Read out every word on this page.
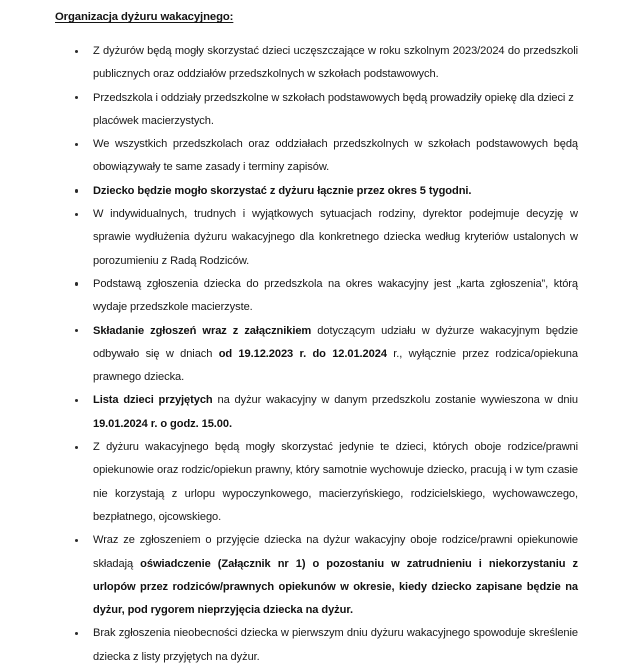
Organizacja dyżuru wakacyjnego:
Z dyżurów będą mogły skorzystać dzieci uczęszczające w roku szkolnym 2023/2024 do przedszkoli publicznych oraz oddziałów przedszkolnych w szkołach podstawowych.
Przedszkola i oddziały przedszkolne w szkołach podstawowych będą prowadziły opiekę dla dzieci z placówek macierzystych.
We wszystkich przedszkolach oraz oddziałach przedszkolnych w szkołach podstawowych będą obowiązywały te same zasady i terminy zapisów.
Dziecko będzie mogło skorzystać z dyżuru łącznie przez okres 5 tygodni.
W indywidualnych, trudnych i wyjątkowych sytuacjach rodziny, dyrektor podejmuje decyzję w sprawie wydłużenia dyżuru wakacyjnego dla konkretnego dziecka według kryteriów ustalonych w porozumieniu z Radą Rodziców.
Podstawą zgłoszenia dziecka do przedszkola na okres wakacyjny jest „karta zgłoszenia”, którą wydaje przedszkole macierzyste.
Składanie zgłoszeń wraz z załącznikiem dotyczącym udziału w dyżurze wakacyjnym będzie odbywało się w dniach od 19.12.2023 r. do 12.01.2024 r., wyłącznie przez rodzica/opiekuna prawnego dziecka.
Lista dzieci przyjętych na dyżur wakacyjny w danym przedszkolu zostanie wywieszona w dniu 19.01.2024 r. o godz. 15.00.
Z dyżuru wakacyjnego będą mogły skorzystać jedynie te dzieci, których oboje rodzice/prawni opiekunowie oraz rodzic/opiekun prawny, który samotnie wychowuje dziecko, pracują i w tym czasie nie korzystają z urlopu wypoczynkowego, macierzyńskiego, rodzicielskiego, wychowawczego, bezpłatnego, ojcowskiego.
Wraz ze zgłoszeniem o przyjęcie dziecka na dyżur wakacyjny oboje rodzice/prawni opiekunowie składają oświadczenie (Załącznik nr 1) o pozostaniu w zatrudnieniu i niekorzystaniu z urlopów przez rodziców/prawnych opiekunów w okresie, kiedy dziecko zapisane będzie na dyżur, pod rygorem nieprzyjęcia dziecka na dyżur.
Brak zgłoszenia nieobecności dziecka w pierwszym dniu dyżuru wakacyjnego spowoduje skreślenie dziecka z listy przyjętych na dyżur.
